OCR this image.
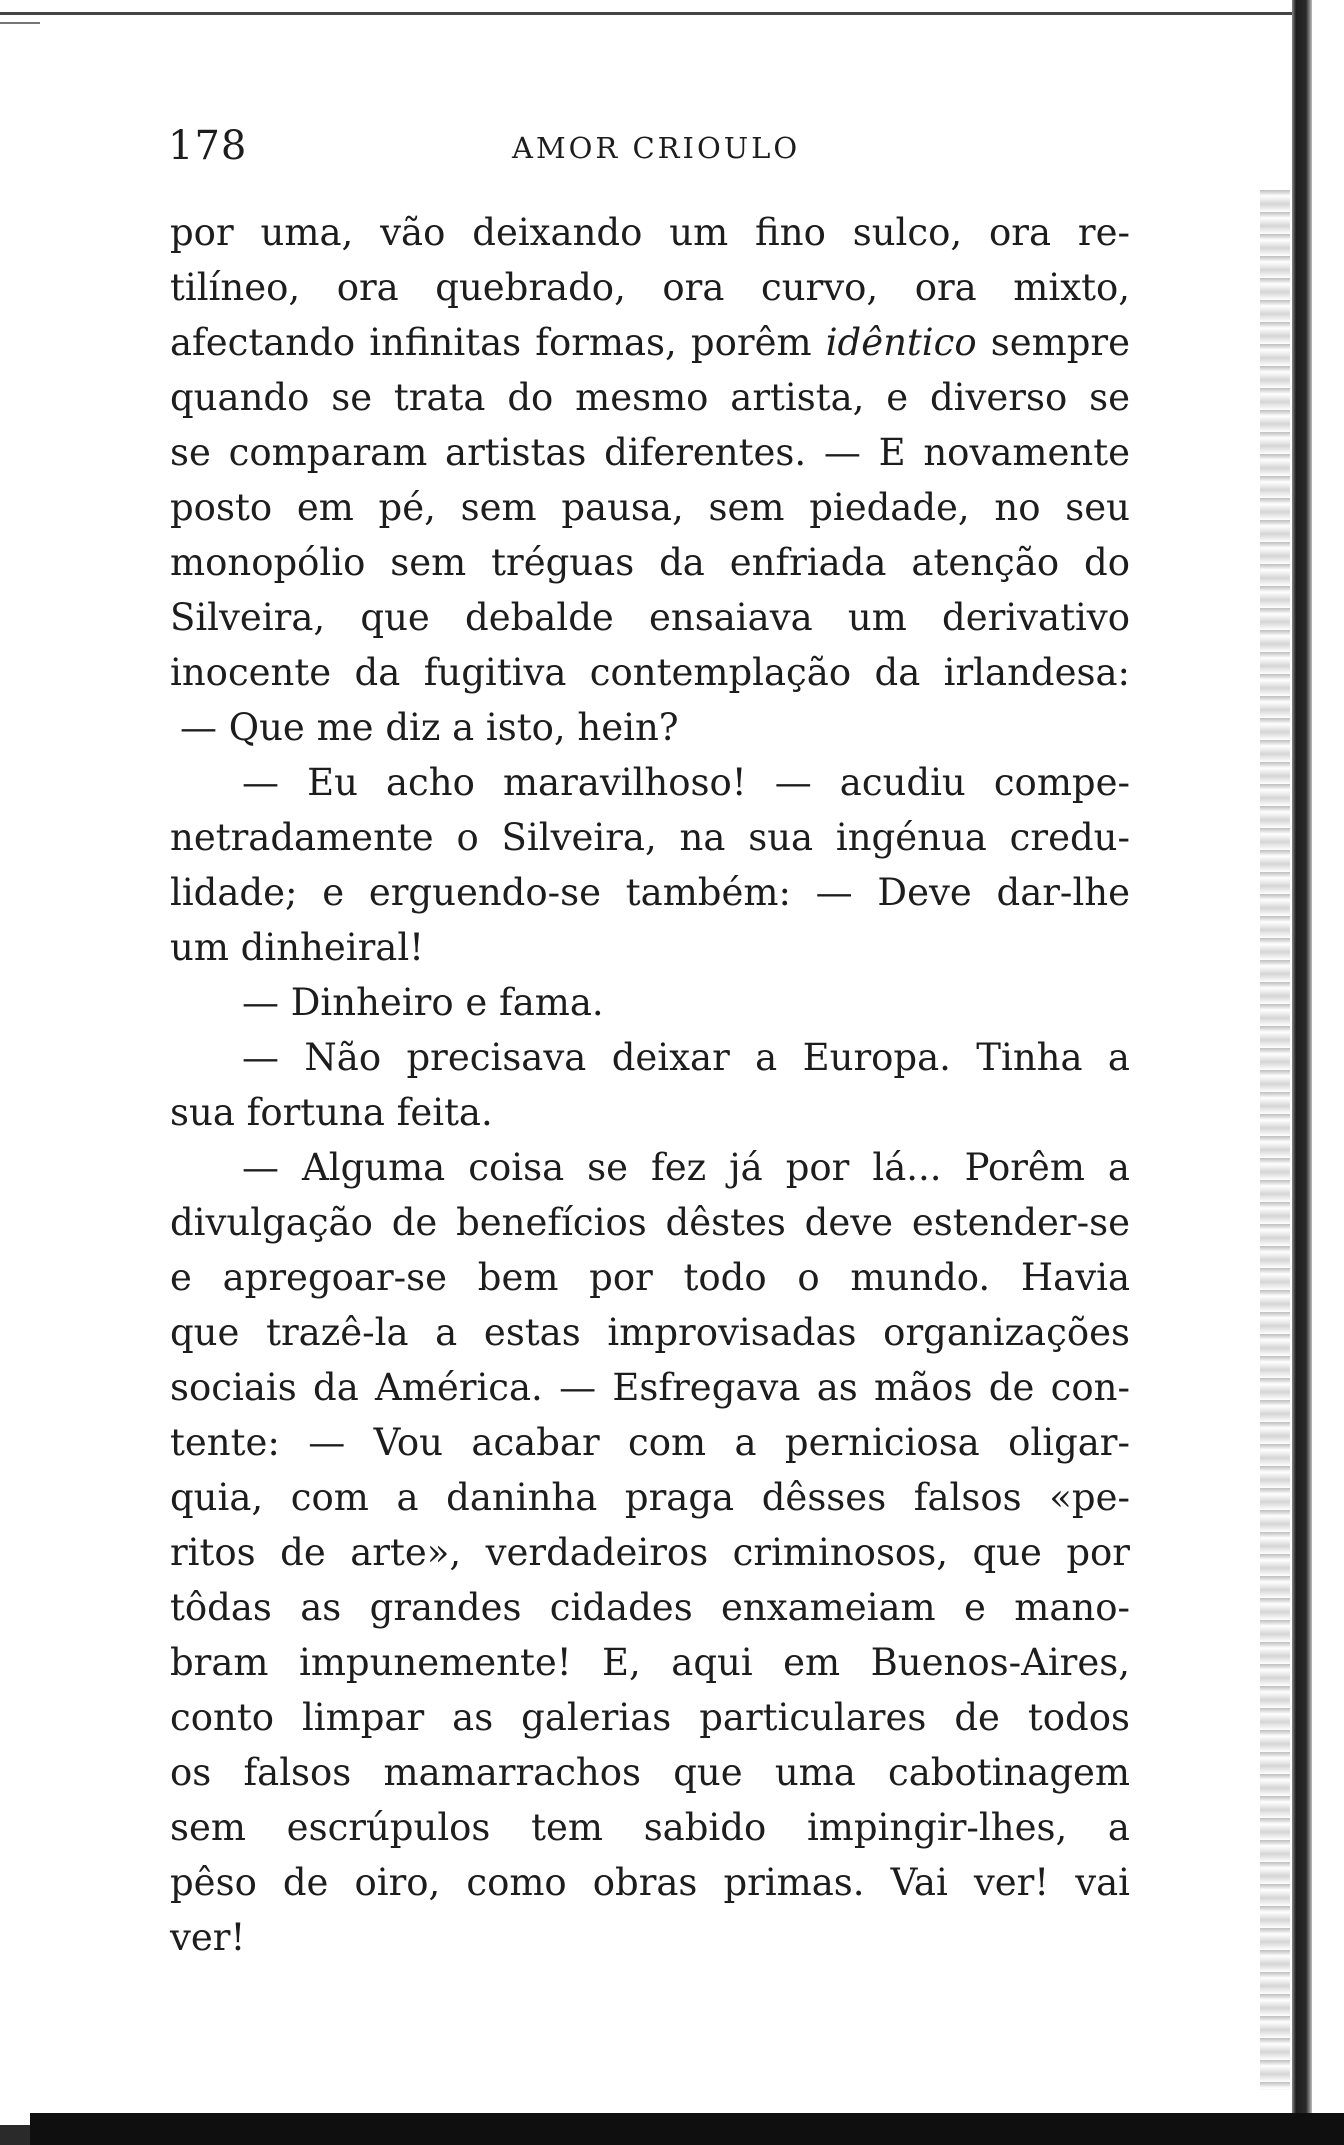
178	AMOR CRIOULO
por uma, vão deixando um fino sulco, ora re-
tilíneo, ora quebrado, ora curvo, ora mixto,
afectando infinitas formas, porêm idêntico sempre
quando se trata do mesmo artista, e diverso se
se comparam artistas diferentes. — E novamente
posto em pé, sem pausa, sem piedade, no seu
monopólio sem tréguas da enfriada atenção do
Silveira, que debalde ensaiava um derivativo
inocente da fugitiva contemplação da irlandesa:
— Que me diz a isto, hein?
— Eu acho maravilhoso! — acudiu compe-
netradamente o Silveira, na sua ingénua credu-
lidade; e erguendo-se também: — Deve dar-lhe
um dinheiral!
— Dinheiro e fama.
— Não precisava deixar a Europa. Tinha a
sua fortuna feita.
— Alguma coisa se fez já por lá... Porêm a
divulgação de benefícios dêstes deve estender-se
e apregoar-se bem por todo o mundo. Havia
que trazê-la a estas improvisadas organizações
sociais da América. — Esfregava as mãos de con-
tente: — Vou acabar com a perniciosa oligar-
quia, com a daninha praga dêsses falsos «pe-
ritos de arte», verdadeiros criminosos, que por
tôdas as grandes cidades enxameiam e mano-
bram impunemente! E, aqui em Buenos-Aires,
conto limpar as galerias particulares de todos
os falsos mamarrachos que uma cabotinagem
sem escrúpulos tem sabido impingir-lhes, a
pêso de oiro, como obras primas. Vai ver! vai
ver!
